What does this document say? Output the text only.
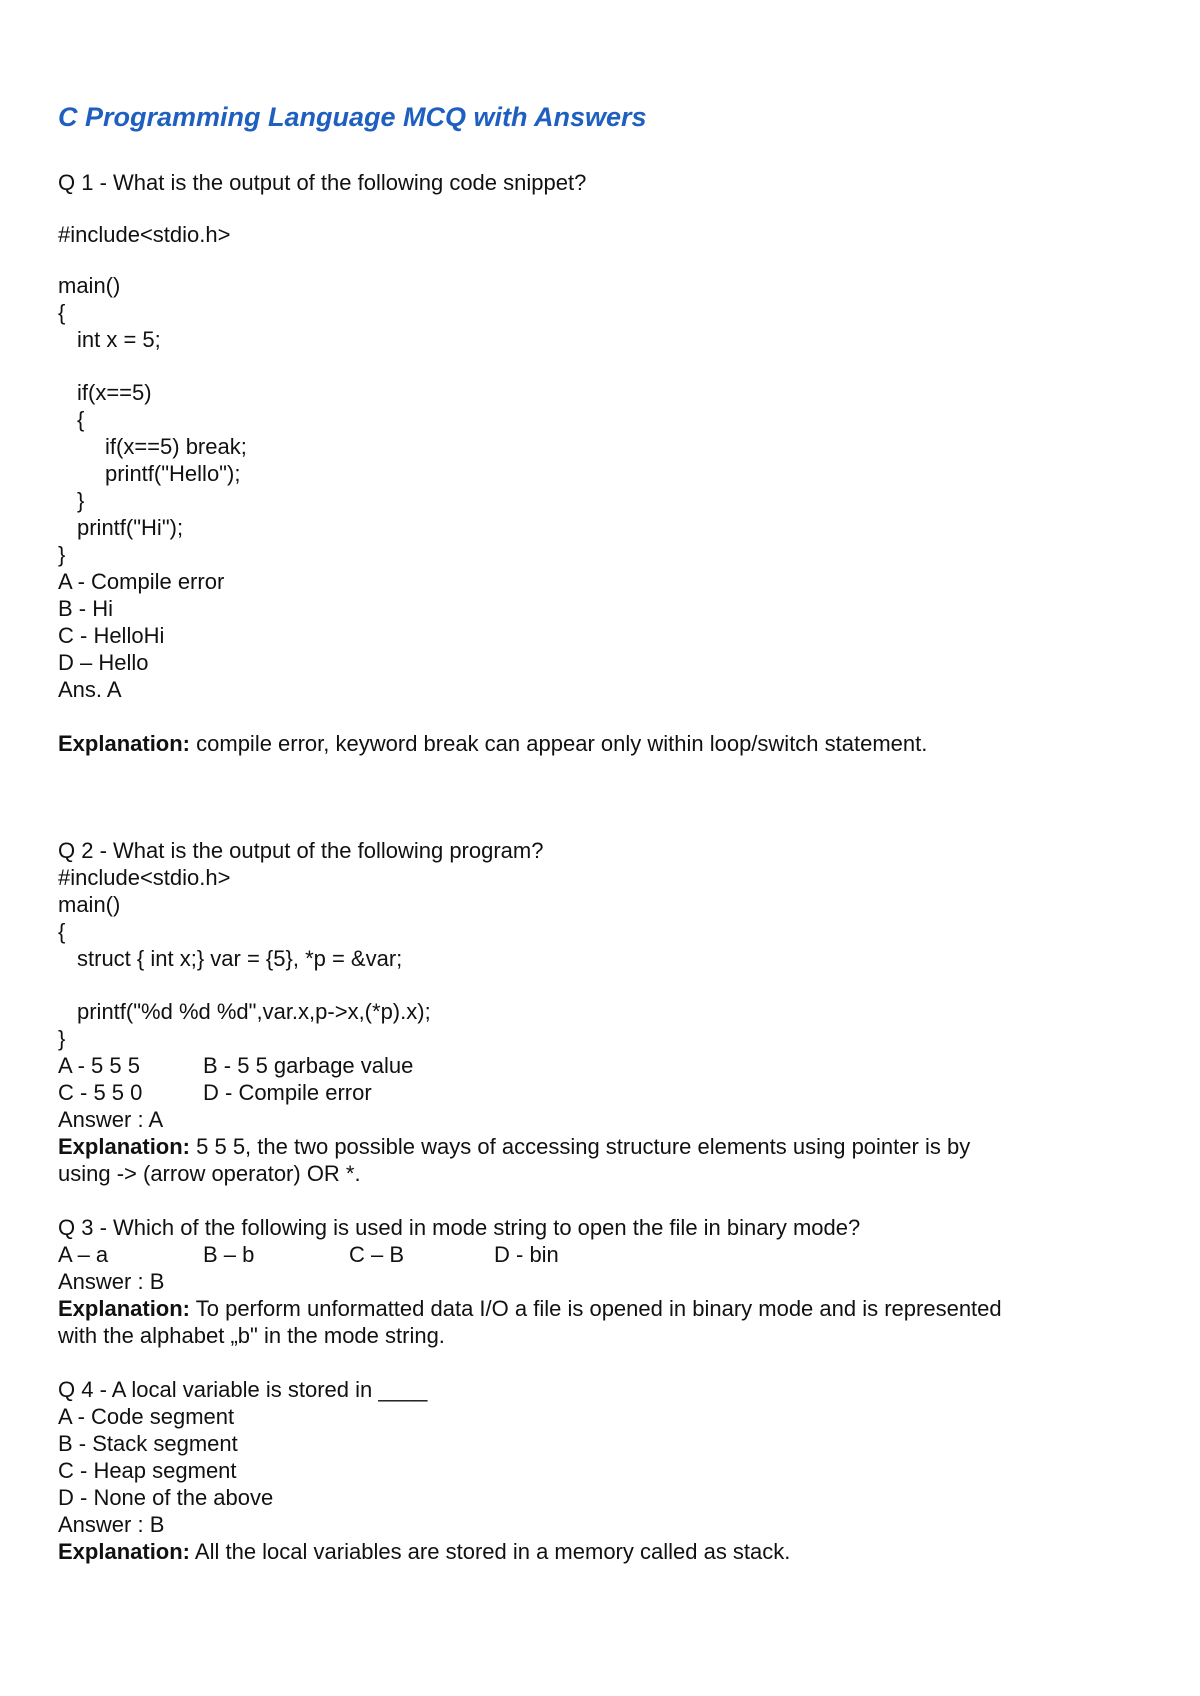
C Programming Language MCQ with Answers
Q 1 - What is the output of the following code snippet?
#include<stdio.h>
main()
{
int x = 5;
if(x==5)
{
if(x==5) break;
printf("Hello");
}
printf("Hi");
}
A - Compile error
B - Hi
C - HelloHi
D – Hello
Ans. A
Explanation: compile error, keyword break can appear only within loop/switch statement.
Q 2 - What is the output of the following program?
#include<stdio.h>
main()
{
struct { int x;} var = {5}, *p = &var;
printf("%d %d %d",var.x,p->x,(*p).x);
}
A - 5 5 5	B - 5 5 garbage value
C - 5 5 0	D - Compile error
Answer : A
Explanation: 5 5 5, the two possible ways of accessing structure elements using pointer is by
using -> (arrow operator) OR *.
Q 3 - Which of the following is used in mode string to open the file in binary mode?
A – a	B – b	C – B	D - bin
Answer : B
Explanation: To perform unformatted data I/O a file is opened in binary mode and is represented
with the alphabet „b" in the mode string.
Q 4 - A local variable is stored in ____
A - Code segment
B - Stack segment
C - Heap segment
D - None of the above
Answer : B
Explanation: All the local variables are stored in a memory called as stack.
